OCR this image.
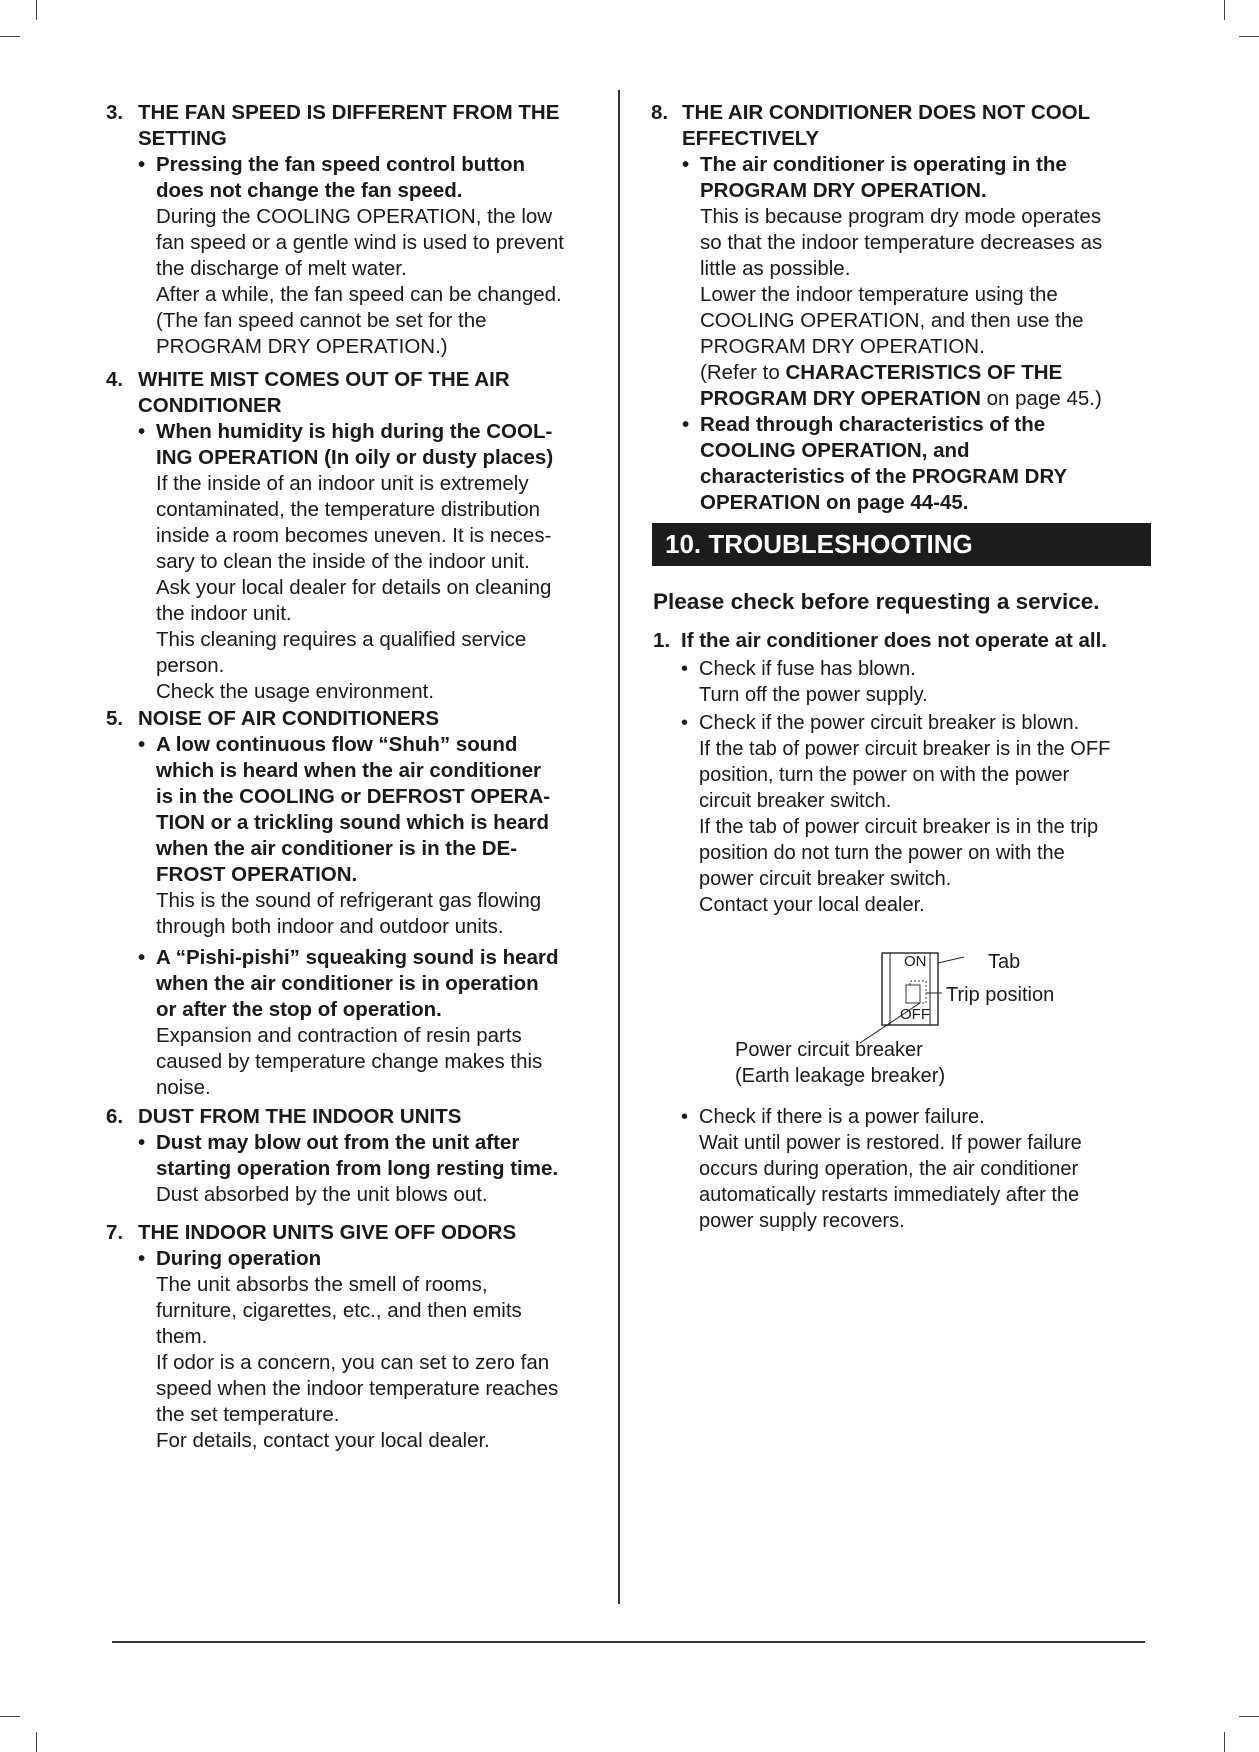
3. THE FAN SPEED IS DIFFERENT FROM THE
SETTING
• Pressing the fan speed control button
does not change the fan speed.
During the COOLING OPERATION, the low
fan speed or a gentle wind is used to prevent
the discharge of melt water.
After a while, the fan speed can be changed.
(The fan speed cannot be set for the
PROGRAM DRY OPERATION.)
4. WHITE MIST COMES OUT OF THE AIR
CONDITIONER
• When humidity is high during the COOL-
ING OPERATION (In oily or dusty places)
If the inside of an indoor unit is extremely
contaminated, the temperature distribution
inside a room becomes uneven. It is neces-
sary to clean the inside of the indoor unit.
Ask your local dealer for details on cleaning
the indoor unit.
This cleaning requires a qualified service
person.
Check the usage environment.
5. NOISE OF AIR CONDITIONERS
• A low continuous flow “Shuh” sound
which is heard when the air conditioner
is in the COOLING or DEFROST OPERA-
TION or a trickling sound which is heard
when the air conditioner is in the DE-
FROST OPERATION.
This is the sound of refrigerant gas flowing
through both indoor and outdoor units.
• A “Pishi-pishi” squeaking sound is heard
when the air conditioner is in operation
or after the stop of operation.
Expansion and contraction of resin parts
caused by temperature change makes this
noise.
6. DUST FROM THE INDOOR UNITS
• Dust may blow out from the unit after
starting operation from long resting time.
Dust absorbed by the unit blows out.
7. THE INDOOR UNITS GIVE OFF ODORS
• During operation
The unit absorbs the smell of rooms,
furniture, cigarettes, etc., and then emits
them.
If odor is a concern, you can set to zero fan
speed when the indoor temperature reaches
the set temperature.
For details, contact your local dealer.
8. THE AIR CONDITIONER DOES NOT COOL
EFFECTIVELY
• The air conditioner is operating in the
PROGRAM DRY OPERATION.
This is because program dry mode operates
so that the indoor temperature decreases as
little as possible.
Lower the indoor temperature using the
COOLING OPERATION, and then use the
PROGRAM DRY OPERATION.
(Refer to CHARACTERISTICS OF THE
PROGRAM DRY OPERATION on page 45.)
• Read through characteristics of the
COOLING OPERATION, and
characteristics of the PROGRAM DRY
OPERATION on page 44-45.
10. TROUBLESHOOTING
Please check before requesting a service.
1. If the air conditioner does not operate at all.
• Check if fuse has blown.
Turn off the power supply.
• Check if the power circuit breaker is blown.
If the tab of power circuit breaker is in the OFF
position, turn the power on with the power
circuit breaker switch.
If the tab of power circuit breaker is in the trip
position do not turn the power on with the
power circuit breaker switch.
Contact your local dealer.
• Check if there is a power failure.
Wait until power is restored. If power failure
occurs during operation, the air conditioner
automatically restarts immediately after the
power supply recovers.
ON
OFF
Tab
Trip position
Power circuit breaker
(Earth leakage breaker)
